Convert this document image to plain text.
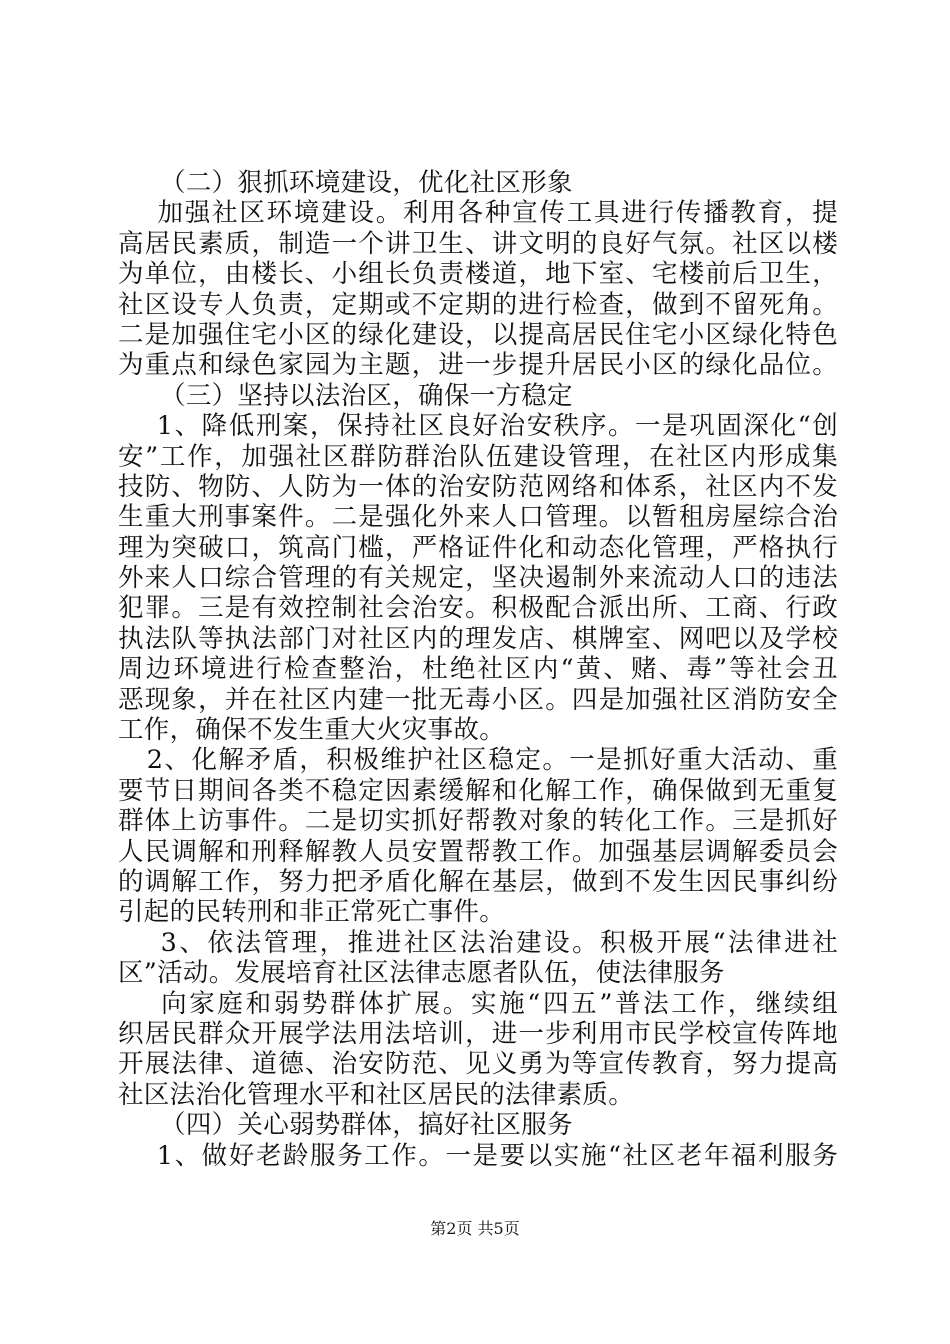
（二）狠抓环境建设，优化社区形象
加强社区环境建设。利用各种宣传工具进行传播教育，提
高居民素质，制造一个讲卫生、讲文明的良好气氛。社区以楼
为单位，由楼长、小组长负责楼道，地下室、宅楼前后卫生，
社区设专人负责，定期或不定期的进行检查，做到不留死角。
二是加强住宅小区的绿化建设，以提高居民住宅小区绿化特色
为重点和绿色家园为主题，进一步提升居民小区的绿化品位。
（三）坚持以法治区，确保一方稳定
1、降低刑案，保持社区良好治安秩序。一是巩固深化“创
安”工作，加强社区群防群治队伍建设管理，在社区内形成集
技防、物防、人防为一体的治安防范网络和体系，社区内不发
生重大刑事案件。二是强化外来人口管理。以暂租房屋综合治
理为突破口，筑高门槛，严格证件化和动态化管理，严格执行
外来人口综合管理的有关规定，坚决遏制外来流动人口的违法
犯罪。三是有效控制社会治安。积极配合派出所、工商、行政
执法队等执法部门对社区内的理发店、棋牌室、网吧以及学校
周边环境进行检查整治，杜绝社区内“黄、赌、毒”等社会丑
恶现象，并在社区内建一批无毒小区。四是加强社区消防安全
工作，确保不发生重大火灾事故。
2、化解矛盾，积极维护社区稳定。一是抓好重大活动、重
要节日期间各类不稳定因素缓解和化解工作，确保做到无重复
群体上访事件。二是切实抓好帮教对象的转化工作。三是抓好
人民调解和刑释解教人员安置帮教工作。加强基层调解委员会
的调解工作，努力把矛盾化解在基层，做到不发生因民事纠纷
引起的民转刑和非正常死亡事件。
3、依法管理，推进社区法治建设。积极开展“法律进社
区”活动。发展培育社区法律志愿者队伍，使法律服务
向家庭和弱势群体扩展。实施“四五”普法工作，继续组
织居民群众开展学法用法培训，进一步利用市民学校宣传阵地
开展法律、道德、治安防范、见义勇为等宣传教育，努力提高
社区法治化管理水平和社区居民的法律素质。
（四）关心弱势群体，搞好社区服务
1、做好老龄服务工作。一是要以实施“社区老年福利服务
第2页 共5页
